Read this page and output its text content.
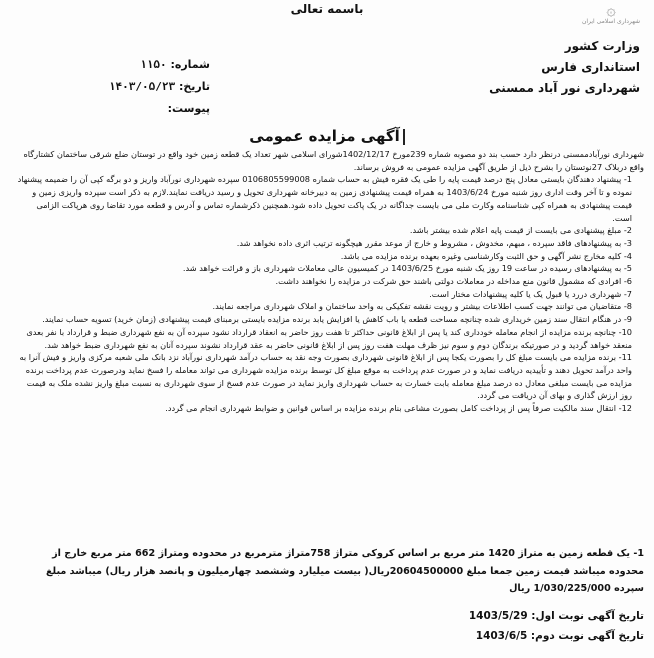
باسمه تعالی	۞
شهرداری اسلامی ایران
وزارت کشور
استانداری فارس
شهرداری نور آباد ممسنی
شماره: ۱۱۵۰
تاریخ: ۱۴۰۳/۰۵/۲۳
پیوست:
آگهی مزایده عمومی

شهرداری نورآبادممسنی درنظر دارد حسب بند دو مصوبه شماره 239مورخ 1402/12/17شورای اسلامی شهر تعداد یک قطعه زمین خود واقع در توستان ضلع شرقی ساختمان کشتارگاه واقع دربلاک 27نوتستان را بشرح ذیل از طریق آگهی مزایده عمومی به فروش برساند.

1- پیشنهاد دهندگان بایستی معادل پنج درصد قیمت پایه را طی یک فقره فیش به حساب شماره 0106805599008 سپرده شهرداری نورآباد واریز و دو برگه کپی آن را ضمیمه پیشنهاد نموده و تا آخر وقت اداری روز شنبه مورخ 1403/6/24 به همراه قیمت پیشنهادی زمین به دبیرخانه شهرداری تحویل و رسید دریافت نمایند.لازم به ذکر است سپرده واریزی زمین و قیمت پیشنهادی به همراه کپی شناسنامه وکارت ملی می بایست جداگانه در یک پاکت تحویل داده شود.همچنین ذکرشماره تماس و آدرس و قطعه مورد تقاضا روی هرپاکت الزامی است.

2- مبلغ پیشنهادی می بایست از قیمت پایه اعلام شده بیشتر باشد.

3- به پیشنهادهای فاقد سپرده ، مبهم، مخدوش ، مشروط و خارج از موعد مقرر هیچگونه ترتیب اثری داده نخواهد شد.

4- کلیه مخارج نشر آگهی و حق الثبت وکارشناسی وغیره بعهده برنده مزایده می باشد.

5- به پیشنهادهای رسیده در ساعت 19 روز یک شنبه مورخ 1403/6/25 در کمیسیون عالی معاملات شهرداری باز و قرائت خواهد شد.

6- افرادی که مشمول قانون منع مداخله در معاملات دولتی باشند حق شرکت در مزایده را نخواهند داشت.

7- شهرداری دررد یا قبول یک یا کلیه پیشنهادات مختار است.

8- متقاضیان می توانند جهت کسب اطلاعات بیشتر و رویت نقشه تفکیکی به واحد ساختمان و املاک شهرداری مراجعه نمایند.

9- در هنگام انتقال سند زمین خریداری شده چنانچه مساحت قطعه یا باب کاهش یا افزایش یابد برنده مزایده بایستی برمبنای قیمت پیشنهادی (زمان خرید) تسویه حساب نمایند.

10- چنانچه برنده مزایده از انجام معامله خودداری کند یا پس از ابلاغ قانونی حداکثر تا هفت روز حاضر به انعقاد قرارداد نشود سپرده آن به نفع شهرداری ضبط و قرارداد با نفر بعدی منعقد خواهد گردید و در صورتیکه برندگان دوم و سوم نیز ظرف مهلت هفت روز پس از ابلاغ قانونی حاضر به عقد قرارداد نشوند سپرده آنان به نفع شهرداری ضبط خواهد شد.

11- برنده مزایده می بایست مبلغ کل را بصورت یکجا پس از ابلاغ قانونی شهرداری بصورت وجه نقد به حساب درآمد شهرداری نورآباد نزد بانک ملی شعبه مرکزی واریز و فیش آنرا به واحد درآمد تحویل دهند و تأییدیه دریافت نماید و در صورت عدم پرداخت به موقع مبلغ کل توسط برنده مزایده شهرداری می تواند معامله را فسخ نماید ودرصورت عدم پرداخت برنده مزایده می بایست مبلغی معادل ده درصد مبلغ معامله بابت خسارت به حساب شهرداری واریز نماید در صورت عدم فسخ از سوی شهرداری به نسبت مبلغ واریز نشده ملک به قیمت روز ارزش گذاری و بهای آن دریافت می گردد.

12- انتقال سند مالکیت صرفاً پس از پرداخت کامل بصورت مشاعی بنام برنده مزایده بر اساس قوانین و ضوابط شهرداری انجام می گردد.

1- یک قطعه زمین به متراژ 1420 متر مربع بر اساس کروکی متراژ 758متراژ مترمربع در محدوده ومتراژ 662 متر مربع خارج از محدوده میباشد قیمت زمین جمعا مبلغ 20604500000ریال( بیست میلیارد وششصد چهارمیلیون و پانصد هزار ریال) میباشد مبلغ سپرده 1/030/225/000 ریال

تاریخ آگهی نوبت اول: 1403/5/29

تاریخ آگهی نوبت دوم: 1403/6/5
